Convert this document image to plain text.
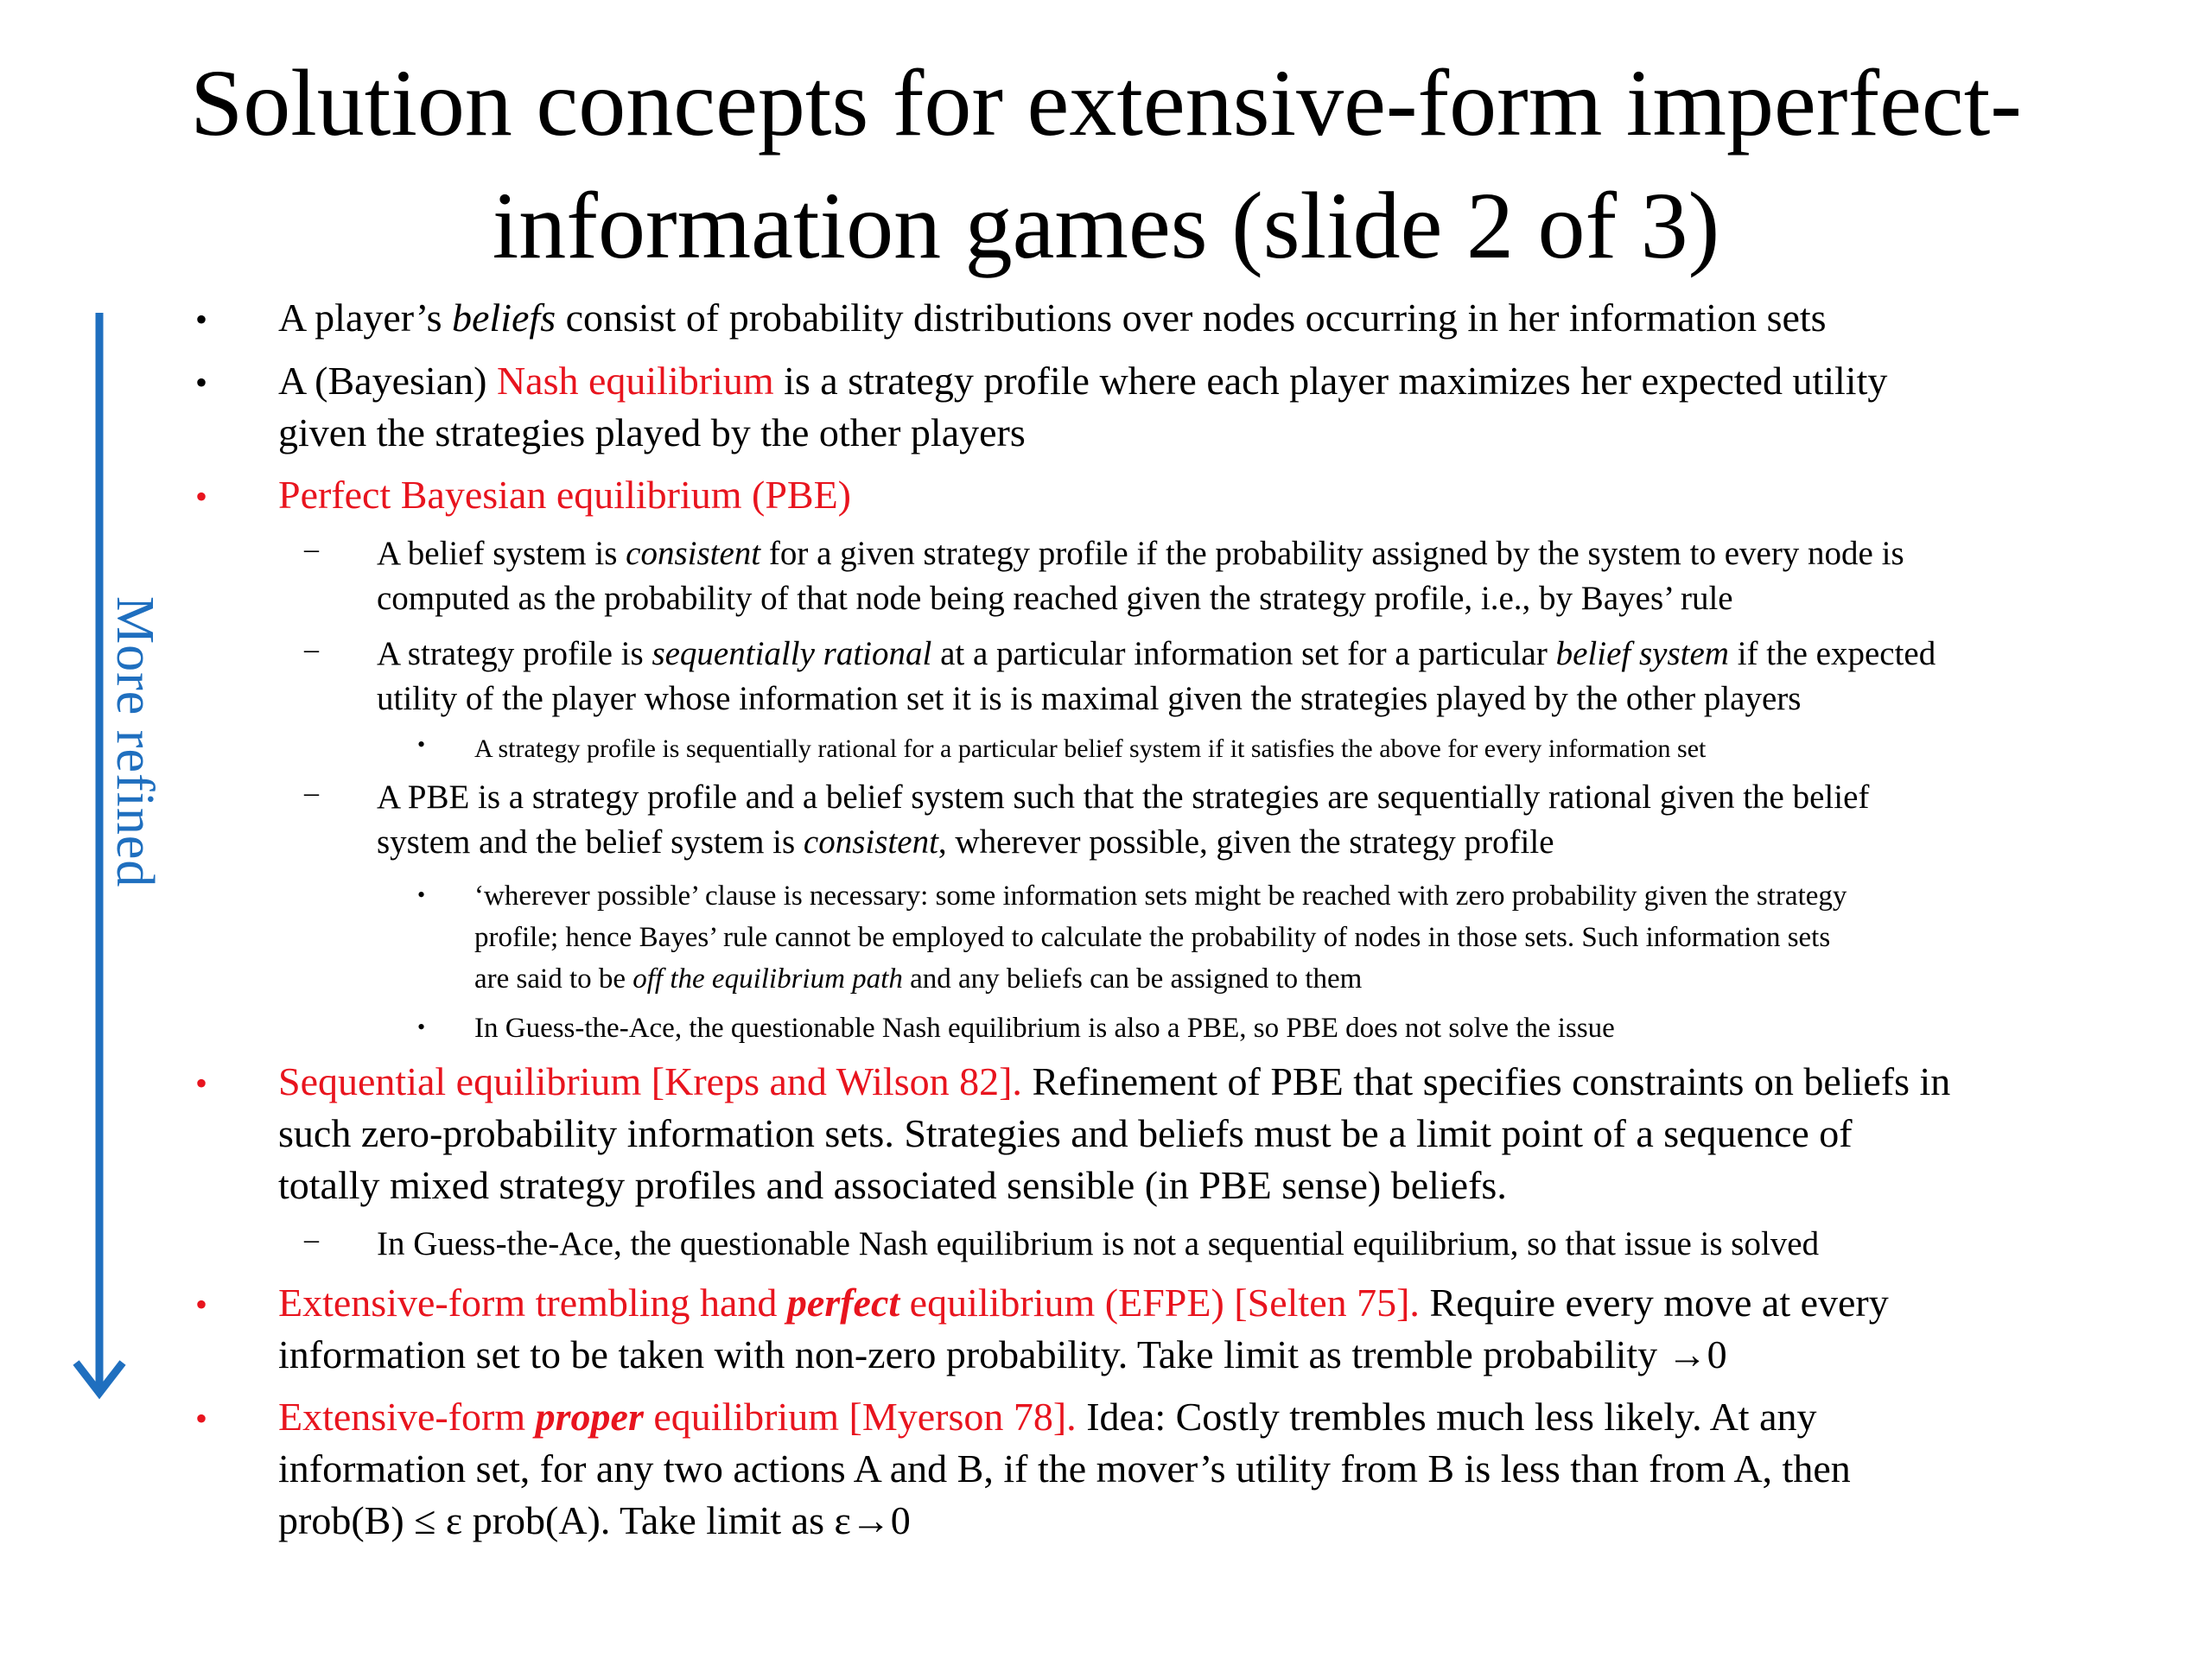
Solution concepts for extensive-form imperfect-
information games (slide 2 of 3)
More refined
• A player’s beliefs consist of probability distributions over nodes occurring in her information sets
• A (Bayesian) Nash equilibrium is a strategy profile where each player maximizes her expected utility
given the strategies played by the other players
• Perfect Bayesian equilibrium (PBE)
– A belief system is consistent for a given strategy profile if the probability assigned by the system to every node is
computed as the probability of that node being reached given the strategy profile, i.e., by Bayes’ rule
– A strategy profile is sequentially rational at a particular information set for a particular belief system if the expected
utility of the player whose information set it is is maximal given the strategies played by the other players
• A strategy profile is sequentially rational for a particular belief system if it satisfies the above for every information set
– A PBE is a strategy profile and a belief system such that the strategies are sequentially rational given the belief
system and the belief system is consistent, wherever possible, given the strategy profile
• ‘wherever possible’ clause is necessary: some information sets might be reached with zero probability given the strategy
profile; hence Bayes’ rule cannot be employed to calculate the probability of nodes in those sets. Such information sets
are said to be off the equilibrium path and any beliefs can be assigned to them
• In Guess-the-Ace, the questionable Nash equilibrium is also a PBE, so PBE does not solve the issue
• Sequential equilibrium [Kreps and Wilson 82]. Refinement of PBE that specifies constraints on beliefs in
such zero-probability information sets. Strategies and beliefs must be a limit point of a sequence of
totally mixed strategy profiles and associated sensible (in PBE sense) beliefs.
– In Guess-the-Ace, the questionable Nash equilibrium is not a sequential equilibrium, so that issue is solved
• Extensive-form trembling hand perfect equilibrium (EFPE) [Selten 75]. Require every move at every
information set to be taken with non-zero probability. Take limit as tremble probability →0
• Extensive-form proper equilibrium [Myerson 78]. Idea: Costly trembles much less likely. At any
information set, for any two actions A and B, if the mover’s utility from B is less than from A, then
prob(B) ≤ ε prob(A). Take limit as ε→0
